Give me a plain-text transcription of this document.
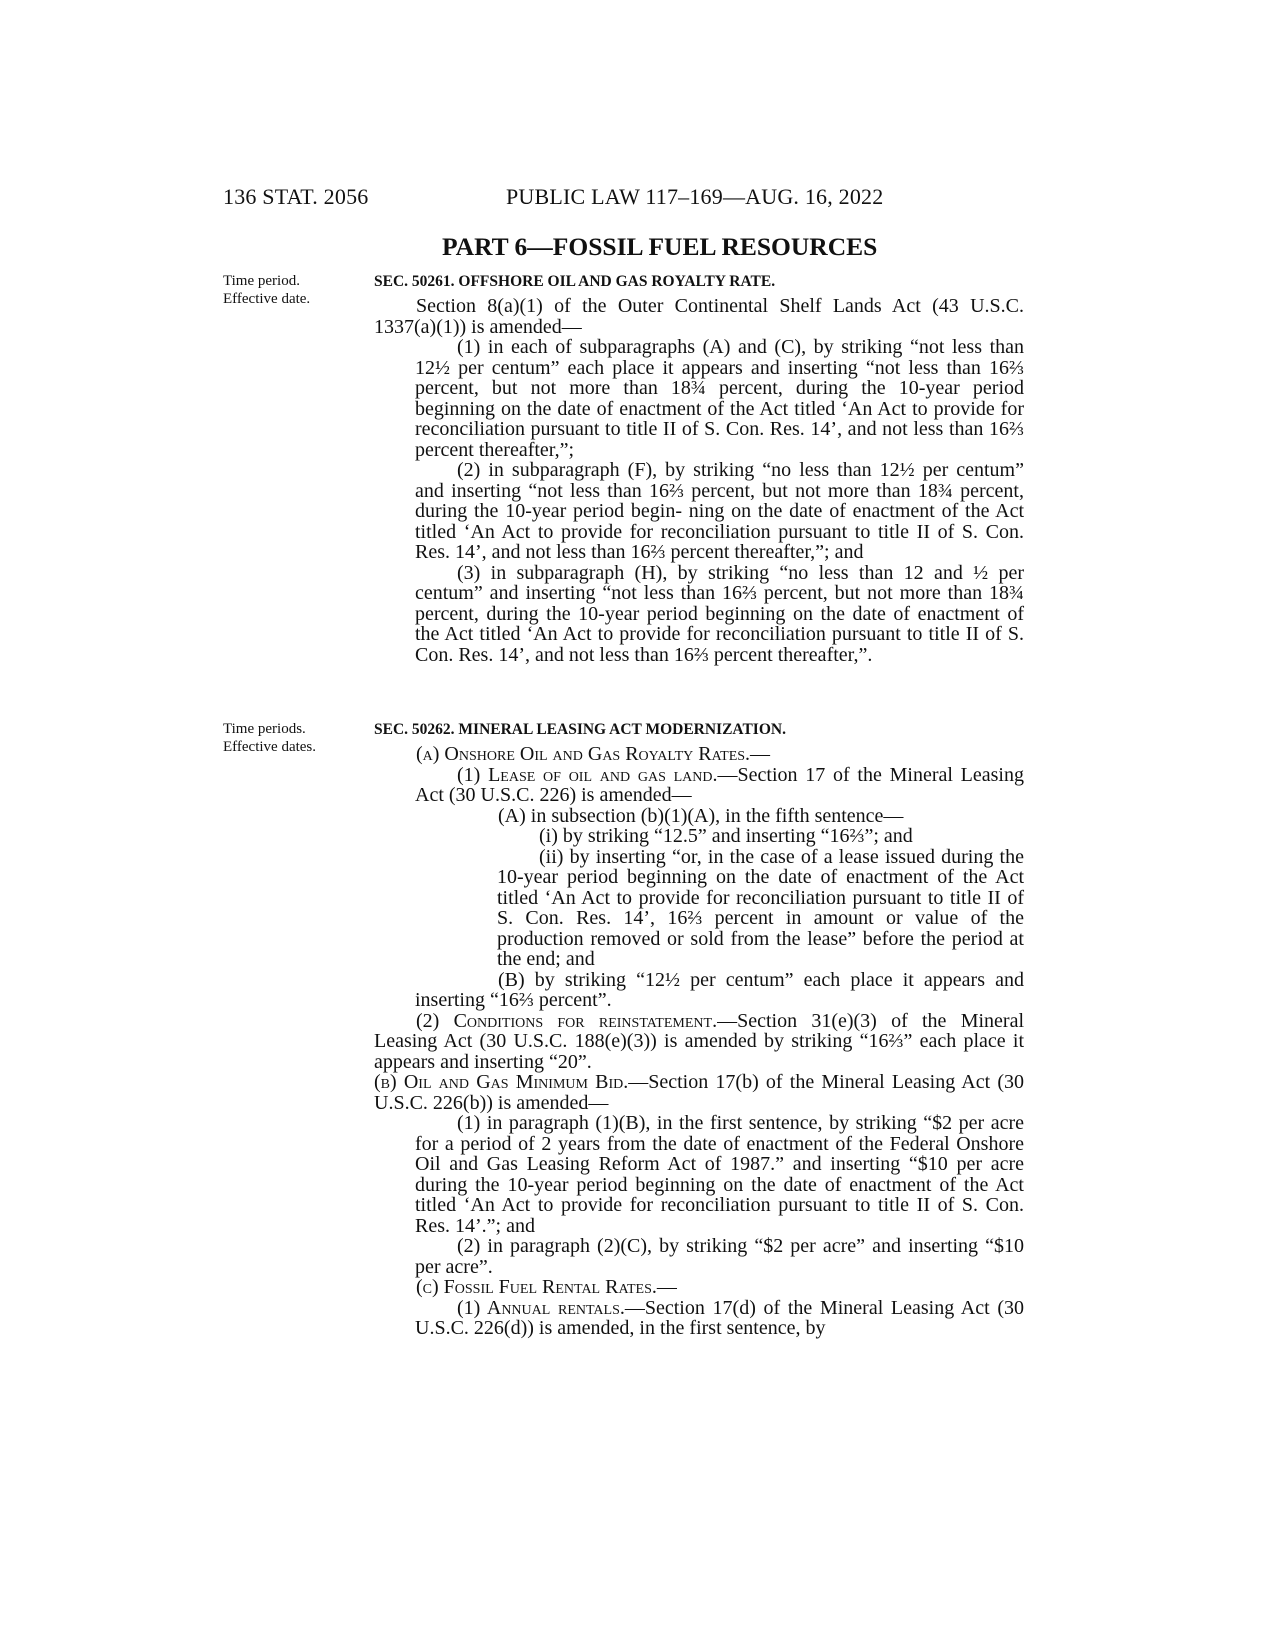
136 STAT. 2056	PUBLIC LAW 117–169—AUG. 16, 2022
PART 6—FOSSIL FUEL RESOURCES
Time period.
Effective date.
SEC. 50261. OFFSHORE OIL AND GAS ROYALTY RATE.

Section 8(a)(1) of the Outer Continental Shelf Lands Act (43 U.S.C. 1337(a)(1)) is amended—

(1) in each of subparagraphs (A) and (C), by striking “not less than 12½ per centum” each place it appears and inserting “not less than 16⅔ percent, but not more than 18¾ percent, during the 10-year period beginning on the date of enactment of the Act titled ‘An Act to provide for reconciliation pursuant to title II of S. Con. Res. 14’, and not less than 16⅔ percent thereafter,”;

(2) in subparagraph (F), by striking “no less than 12½ per centum” and inserting “not less than 16⅔ percent, but not more than 18¾ percent, during the 10-year period begin- ning on the date of enactment of the Act titled ‘An Act to provide for reconciliation pursuant to title II of S. Con. Res. 14’, and not less than 16⅔ percent thereafter,”; and

(3) in subparagraph (H), by striking “no less than 12 and ½ per centum” and inserting “not less than 16⅔ percent, but not more than 18¾ percent, during the 10-year period beginning on the date of enactment of the Act titled ‘An Act to provide for reconciliation pursuant to title II of S. Con. Res. 14’, and not less than 16⅔ percent thereafter,”.

Time periods.
Effective dates.
SEC. 50262. MINERAL LEASING ACT MODERNIZATION.

(a) Onshore Oil and Gas Royalty Rates.—

(1) Lease of oil and gas land.—Section 17 of the Mineral Leasing Act (30 U.S.C. 226) is amended—

(A) in subsection (b)(1)(A), in the fifth sentence—

(i) by striking “12.5” and inserting “16⅔”; and

(ii) by inserting “or, in the case of a lease issued during the 10-year period beginning on the date of enactment of the Act titled ‘An Act to provide for reconciliation pursuant to title II of S. Con. Res. 14’, 16⅔ percent in amount or value of the production removed or sold from the lease” before the period at the end; and

(B) by striking “12½ per centum” each place it appears and inserting “16⅔ percent”.

(2) Conditions for reinstatement.—Section 31(e)(3) of the Mineral Leasing Act (30 U.S.C. 188(e)(3)) is amended by striking “16⅔” each place it appears and inserting “20”.

(b) Oil and Gas Minimum Bid.—Section 17(b) of the Mineral Leasing Act (30 U.S.C. 226(b)) is amended—

(1) in paragraph (1)(B), in the first sentence, by striking “$2 per acre for a period of 2 years from the date of enactment of the Federal Onshore Oil and Gas Leasing Reform Act of 1987.” and inserting “$10 per acre during the 10-year period beginning on the date of enactment of the Act titled ‘An Act to provide for reconciliation pursuant to title II of S. Con. Res. 14’.”; and

(2) in paragraph (2)(C), by striking “$2 per acre” and inserting “$10 per acre”.

(c) Fossil Fuel Rental Rates.—

(1) Annual rentals.—Section 17(d) of the Mineral Leasing Act (30 U.S.C. 226(d)) is amended, in the first sentence, by
